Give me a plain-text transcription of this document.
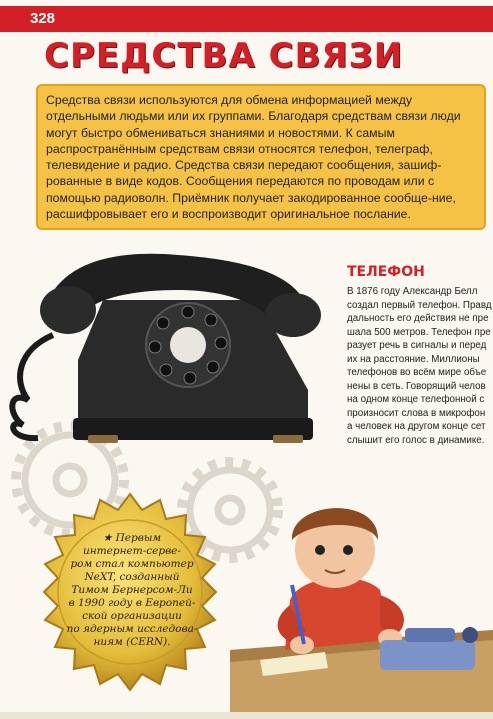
328
СРЕДСТВА СВЯЗИ
Средства связи используются для обмена информацией между отдельными людьми или их группами. Благодаря средствам связи люди могут быстро обмениваться знаниями и новостями. К самым распространённым средствам связи относятся телефон, телеграф, телевидение и радио. Средства связи передают сообщения, зашиф-рованные в виде кодов. Сообщения передаются по проводам или с помощью радиоволн. Приёмник получает закодированное сообще-ние, расшифровывает его и воспроизводит оригинальное послание.
ТЕЛЕФОН
В 1876 году Александр Белл
создал первый телефон. Правд
дальность его действия не пре
шала 500 метров. Телефон пре
разует речь в сигналы и перед
их на расстояние. Миллионы
телефонов во всём мире объе
нены в сеть. Говорящий челов
на одном конце телефонной с
произносит слова в микрофон
а человек на другом конце сет
слышит его голос в динамике.
★ Первым
интернет-серве-
ром стал компьютер
NeXT, созданный
Тимом Бернерсом-Ли
в 1990 году в Европей-
ской организации
по ядерным исследова-
ниям (CERN).
